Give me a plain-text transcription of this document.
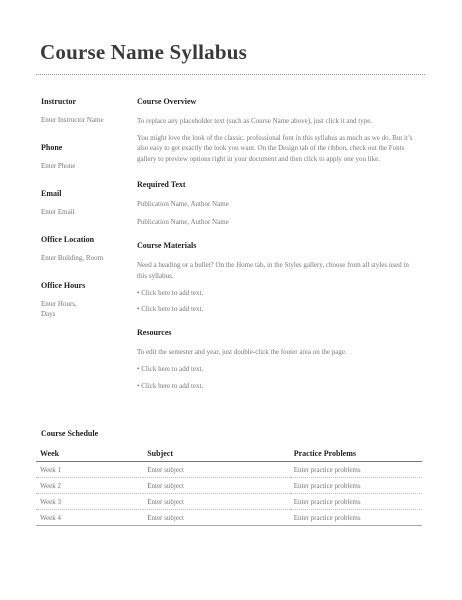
Course Name Syllabus

Instructor

Enter Instructor Name

Phone

Enter Phone

Email

Enter Email

Office Location

Enter Building, Room

Office Hours

Enter Hours,
Days

Course Overview

To replace any placeholder text (such as Course Name above), just click it and type.

You might love the look of the classic, professional font in this syllabus as much as we do. But it’s also easy to get exactly the look you want. On the Design tab of the ribbon, check out the Fonts gallery to preview options right in your document and then click to apply one you like.

Required Text

Publication Name, Author Name

Publication Name, Author Name

Course Materials

Need a heading or a bullet? On the Home tab, in the Styles gallery, choose from all styles used in this syllabus.

• Click here to add text.
• Click here to add text.

Resources

To edit the semester and year, just double-click the footer area on the page.

• Click here to add text.
• Click here to add text.
Course Schedule
Week	Subject	Practice Problems
Week 1	Enter subject	Enter practice problems
Week 2	Enter subject	Enter practice problems
Week 3	Enter subject	Enter practice problems
Week 4	Enter subject	Enter practice problems
